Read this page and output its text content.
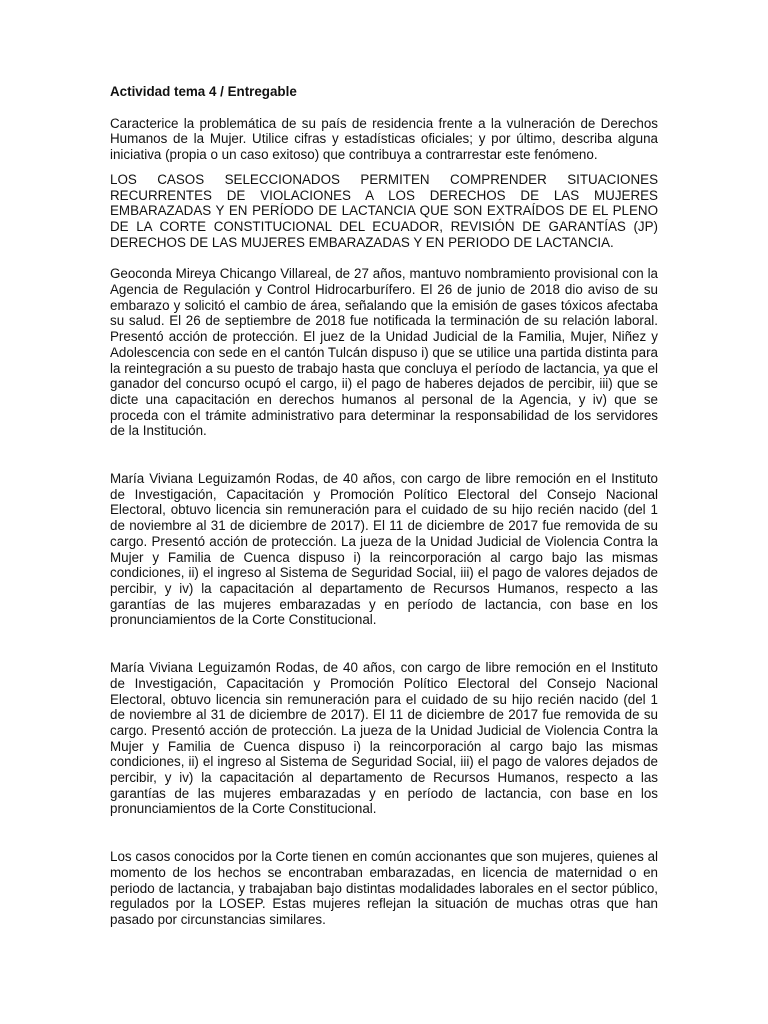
Actividad tema 4 / Entregable

Caracterice la problemática de su país de residencia frente a la vulneración de Derechos Humanos de la Mujer. Utilice cifras y estadísticas oficiales; y por último, describa alguna iniciativa (propia o un caso exitoso) que contribuya a contrarrestar este fenómeno.

LOS CASOS SELECCIONADOS PERMITEN COMPRENDER SITUACIONES RECURRENTES DE VIOLACIONES A LOS DERECHOS DE LAS MUJERES EMBARAZADAS Y EN PERÍODO DE LACTANCIA QUE SON EXTRAÍDOS DE EL PLENO DE LA CORTE CONSTITUCIONAL DEL ECUADOR, REVISIÓN DE GARANTÍAS (JP) DERECHOS DE LAS MUJERES EMBARAZADAS Y EN PERIODO DE LACTANCIA.

Geoconda Mireya Chicango Villareal, de 27 años, mantuvo nombramiento provisional con la Agencia de Regulación y Control Hidrocarburífero. El 26 de junio de 2018 dio aviso de su embarazo y solicitó el cambio de área, señalando que la emisión de gases tóxicos afectaba su salud. El 26 de septiembre de 2018 fue notificada la terminación de su relación laboral. Presentó acción de protección. El juez de la Unidad Judicial de la Familia, Mujer, Niñez y Adolescencia con sede en el cantón Tulcán dispuso i) que se utilice una partida distinta para la reintegración a su puesto de trabajo hasta que concluya el período de lactancia, ya que el ganador del concurso ocupó el cargo, ii) el pago de haberes dejados de percibir, iii) que se dicte una capacitación en derechos humanos al personal de la Agencia, y iv) que se proceda con el trámite administrativo para determinar la responsabilidad de los servidores de la Institución.

María Viviana Leguizamón Rodas, de 40 años, con cargo de libre remoción en el Instituto de Investigación, Capacitación y Promoción Político Electoral del Consejo Nacional Electoral, obtuvo licencia sin remuneración para el cuidado de su hijo recién nacido (del 1 de noviembre al 31 de diciembre de 2017). El 11 de diciembre de 2017 fue removida de su cargo. Presentó acción de protección. La jueza de la Unidad Judicial de Violencia Contra la Mujer y Familia de Cuenca dispuso i) la reincorporación al cargo bajo las mismas condiciones, ii) el ingreso al Sistema de Seguridad Social, iii) el pago de valores dejados de percibir, y iv) la capacitación al departamento de Recursos Humanos, respecto a las garantías de las mujeres embarazadas y en período de lactancia, con base en los pronunciamientos de la Corte Constitucional.

María Viviana Leguizamón Rodas, de 40 años, con cargo de libre remoción en el Instituto de Investigación, Capacitación y Promoción Político Electoral del Consejo Nacional Electoral, obtuvo licencia sin remuneración para el cuidado de su hijo recién nacido (del 1 de noviembre al 31 de diciembre de 2017). El 11 de diciembre de 2017 fue removida de su cargo. Presentó acción de protección. La jueza de la Unidad Judicial de Violencia Contra la Mujer y Familia de Cuenca dispuso i) la reincorporación al cargo bajo las mismas condiciones, ii) el ingreso al Sistema de Seguridad Social, iii) el pago de valores dejados de percibir, y iv) la capacitación al departamento de Recursos Humanos, respecto a las garantías de las mujeres embarazadas y en período de lactancia, con base en los pronunciamientos de la Corte Constitucional.

Los casos conocidos por la Corte tienen en común accionantes que son mujeres, quienes al momento de los hechos se encontraban embarazadas, en licencia de maternidad o en periodo de lactancia, y trabajaban bajo distintas modalidades laborales en el sector público, regulados por la LOSEP. Estas mujeres reflejan la situación de muchas otras que han pasado por circunstancias similares.
